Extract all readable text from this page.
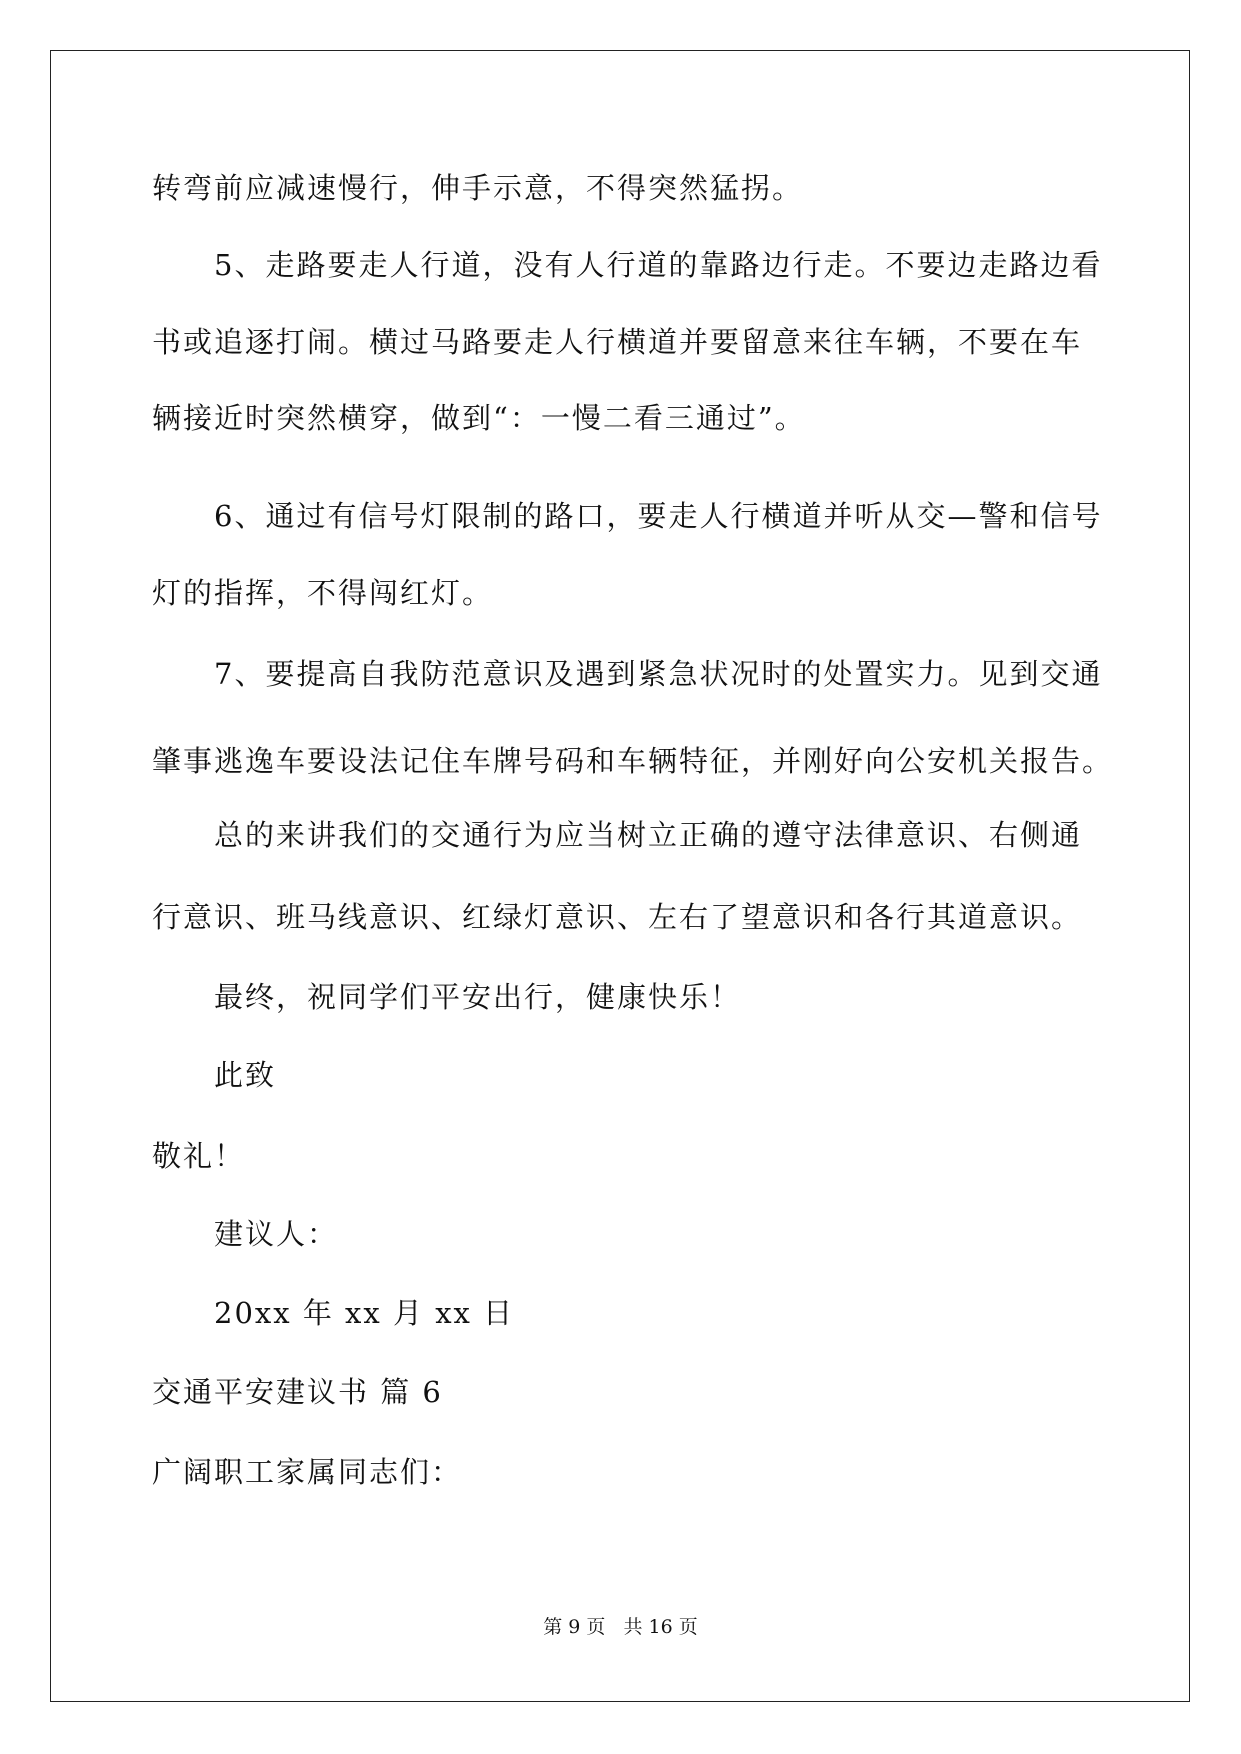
转弯前应减速慢行，伸手示意，不得突然猛拐。
5、走路要走人行道，没有人行道的靠路边行走。不要边走路边看
书或追逐打闹。横过马路要走人行横道并要留意来往车辆，不要在车
辆接近时突然横穿，做到“：一慢二看三通过”。
6、通过有信号灯限制的路口，要走人行横道并听从交—警和信号
灯的指挥，不得闯红灯。
7、要提高自我防范意识及遇到紧急状况时的处置实力。见到交通
肇事逃逸车要设法记住车牌号码和车辆特征，并刚好向公安机关报告。
总的来讲我们的交通行为应当树立正确的遵守法律意识、右侧通
行意识、班马线意识、红绿灯意识、左右了望意识和各行其道意识。
最终，祝同学们平安出行，健康快乐！
此致
敬礼！
建议人：
20xx 年 xx 月 xx 日
交通平安建议书 篇 6
广阔职工家属同志们：
第 9 页 共 16 页
